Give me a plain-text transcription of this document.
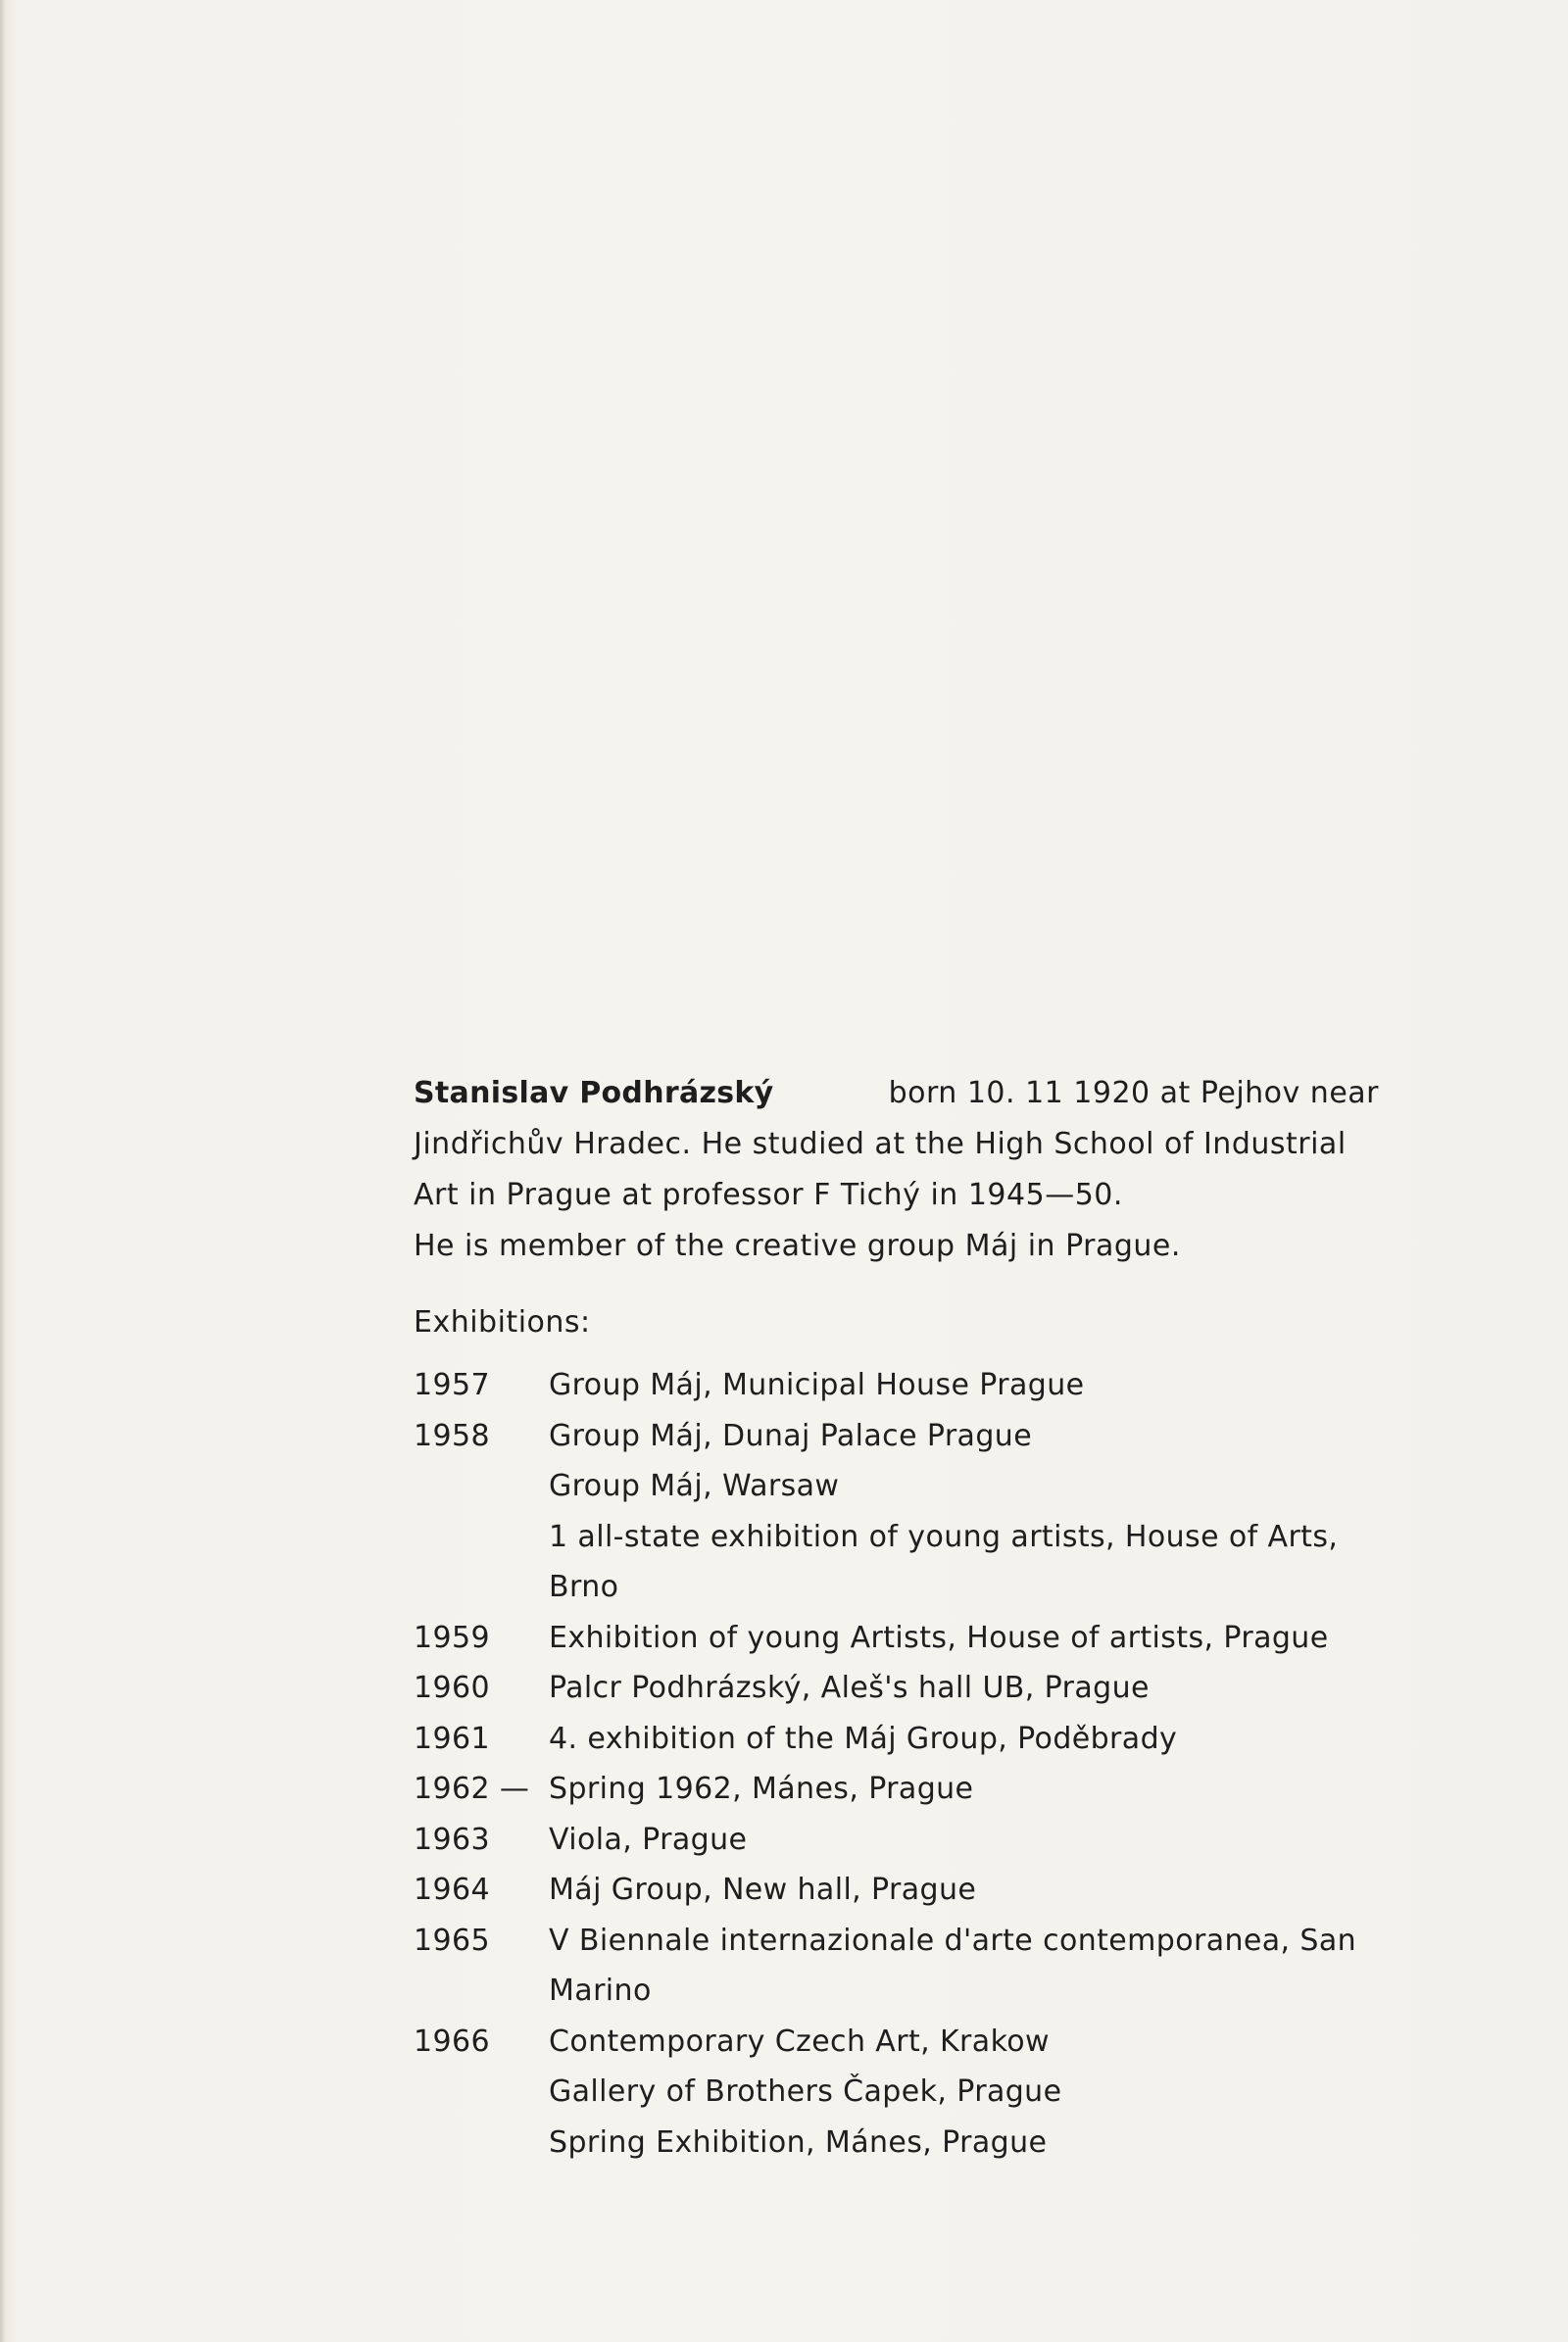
Stanislav Podhrázský	born 10. 11 1920 at Pejhov near
Jindřichův Hradec. He studied at the High School of Industrial
Art in Prague at professor F Tichý in 1945—50.
He is member of the creative group Máj in Prague.
Exhibitions:
1957	Group Máj, Municipal House Prague
1958	Group Máj, Dunaj Palace Prague
Group Máj, Warsaw
1 all-state exhibition of young artists, House of Arts,
Brno
1959	Exhibition of young Artists, House of artists, Prague
1960	Palcr Podhrázský, Aleš's hall UB, Prague
1961	4. exhibition of the Máj Group, Poděbrady
1962 — Spring 1962, Mánes, Prague
1963	Viola, Prague
1964	Máj Group, New hall, Prague
1965	V Biennale internazionale d'arte contemporanea, San
Marino
1966	Contemporary Czech Art, Krakow
Gallery of Brothers Čapek, Prague
Spring Exhibition, Mánes, Prague
